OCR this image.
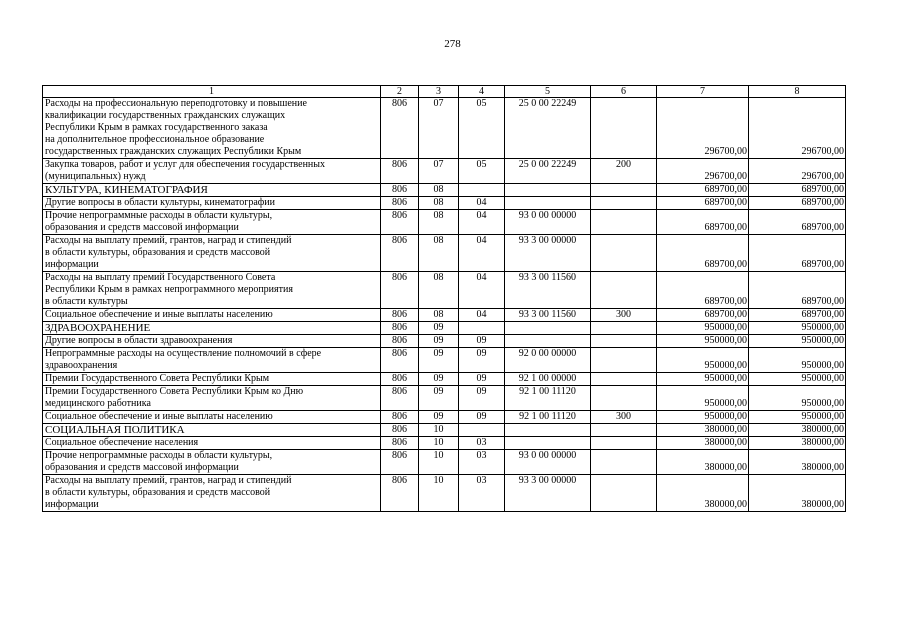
278
1	2	3	4	5	6	7	8
Расходы на профессиональную переподготовку и повышение
квалификации государственных гражданских служащих
Республики Крым в рамках государственного заказа
на дополнительное профессиональное образование
государственных гражданских служащих Республики Крым	806	07	05	25 0 00 22249		296700,00	296700,00
Закупка товаров, работ и услуг для обеспечения государственных
(муниципальных) нужд	806	07	05	25 0 00 22249	200	296700,00	296700,00
КУЛЬТУРА, КИНЕМАТОГРАФИЯ	806	08				689700,00	689700,00
Другие вопросы в области культуры, кинематографии	806	08	04			689700,00	689700,00
Прочие непрограммные расходы в области культуры,
образования и средств массовой информации	806	08	04	93 0 00 00000		689700,00	689700,00
Расходы на выплату премий, грантов, наград и стипендий
в области культуры, образования и средств массовой
информации	806	08	04	93 3 00 00000		689700,00	689700,00
Расходы на выплату премий Государственного Совета
Республики Крым в рамках непрограммного мероприятия
в области культуры	806	08	04	93 3 00 11560		689700,00	689700,00
Социальное обеспечение и иные выплаты населению	806	08	04	93 3 00 11560	300	689700,00	689700,00
ЗДРАВООХРАНЕНИЕ	806	09				950000,00	950000,00
Другие вопросы в области здравоохранения	806	09	09			950000,00	950000,00
Непрограммные расходы на осуществление полномочий в сфере
здравоохранения	806	09	09	92 0 00 00000		950000,00	950000,00
Премии Государственного Совета Республики Крым	806	09	09	92 1 00 00000		950000,00	950000,00
Премии Государственного Совета Республики Крым ко Дню
медицинского работника	806	09	09	92 1 00 11120		950000,00	950000,00
Социальное обеспечение и иные выплаты населению	806	09	09	92 1 00 11120	300	950000,00	950000,00
СОЦИАЛЬНАЯ ПОЛИТИКА	806	10				380000,00	380000,00
Социальное обеспечение населения	806	10	03			380000,00	380000,00
Прочие непрограммные расходы в области культуры,
образования и средств массовой информации	806	10	03	93 0 00 00000		380000,00	380000,00
Расходы на выплату премий, грантов, наград и стипендий
в области культуры, образования и средств массовой
информации	806	10	03	93 3 00 00000		380000,00	380000,00
